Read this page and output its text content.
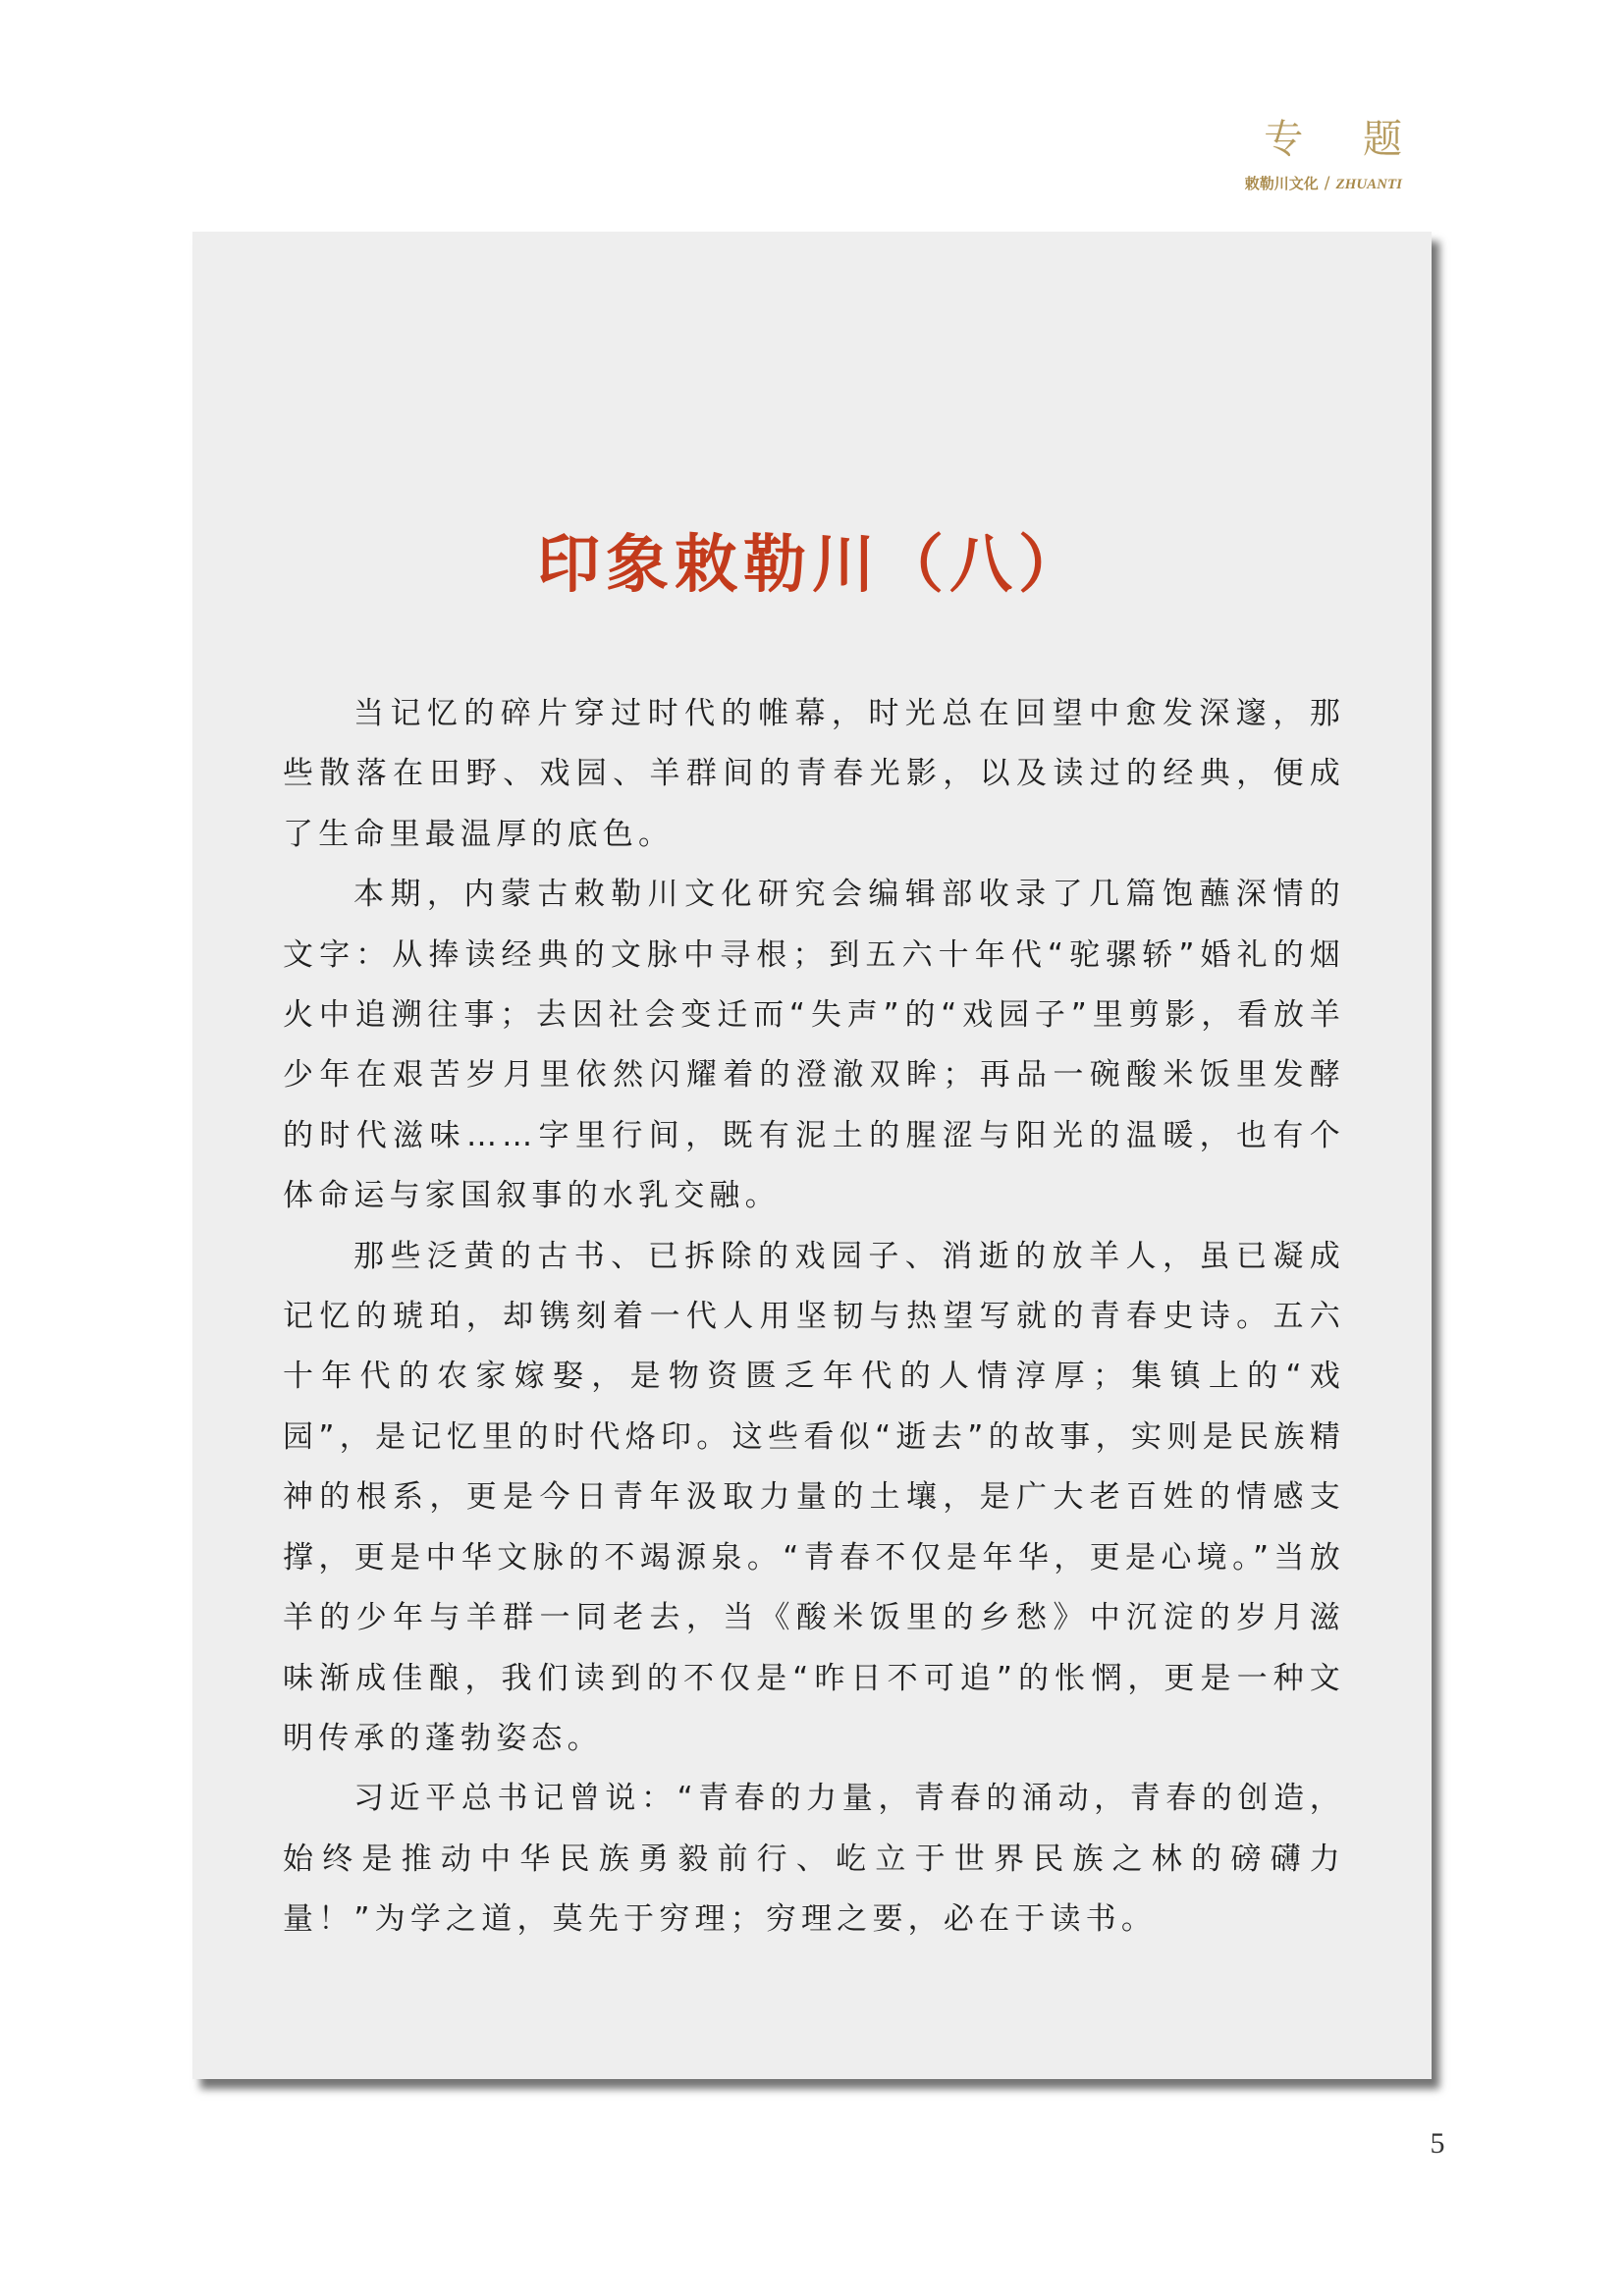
专 题
敕勒川文化 / ZHUANTI
印象敕勒川（八）

当记忆的碎片穿过时代的帷幕，时光总在回望中愈发深邃，那些散落在田野、戏园、羊群间的青春光影，以及读过的经典，便成了生命里最温厚的底色。

本期，内蒙古敕勒川文化研究会编辑部收录了几篇饱蘸深情的文字：从捧读经典的文脉中寻根；到五六十年代“驼骡轿”婚礼的烟火中追溯往事；去因社会变迁而“失声”的“戏园子”里剪影，看放羊少年在艰苦岁月里依然闪耀着的澄澈双眸；再品一碗酸米饭里发酵的时代滋味……字里行间，既有泥土的腥涩与阳光的温暖，也有个体命运与家国叙事的水乳交融。

那些泛黄的古书、已拆除的戏园子、消逝的放羊人，虽已凝成记忆的琥珀，却镌刻着一代人用坚韧与热望写就的青春史诗。五六十年代的农家嫁娶，是物资匮乏年代的人情淳厚；集镇上的“戏园”，是记忆里的时代烙印。这些看似“逝去”的故事，实则是民族精神的根系，更是今日青年汲取力量的土壤，是广大老百姓的情感支撑，更是中华文脉的不竭源泉。“青春不仅是年华，更是心境。”当放羊的少年与羊群一同老去，当《酸米饭里的乡愁》中沉淀的岁月滋味渐成佳酿，我们读到的不仅是“昨日不可追”的怅惘，更是一种文明传承的蓬勃姿态。

习近平总书记曾说：“青春的力量，青春的涌动，青春的创造，始终是推动中华民族勇毅前行、屹立于世界民族之林的磅礴力量！”为学之道，莫先于穷理；穷理之要，必在于读书。

5
